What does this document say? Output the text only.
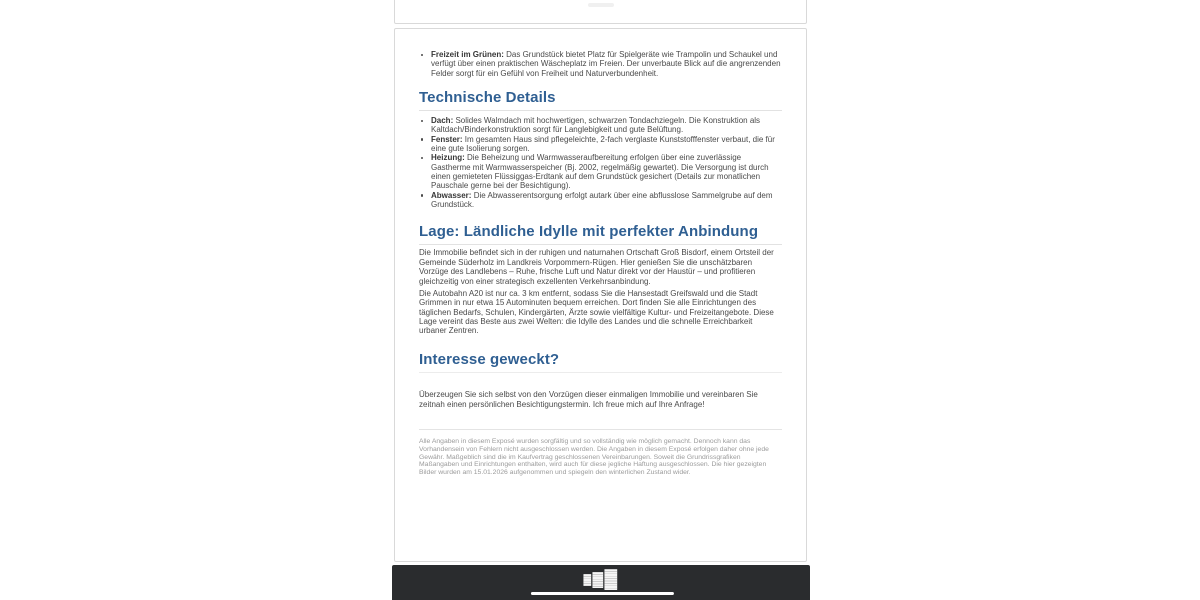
Freizeit im Grünen: Das Grundstück bietet Platz für Spielgeräte wie Trampolin und Schaukel und verfügt über einen praktischen Wäscheplatz im Freien. Der unverbaute Blick auf die angrenzenden Felder sorgt für ein Gefühl von Freiheit und Naturverbundenheit.
Technische Details
Dach: Solides Walmdach mit hochwertigen, schwarzen Tondachziegeln. Die Konstruktion als Kaltdach/Binderkonstruktion sorgt für Langlebigkeit und gute Belüftung.
Fenster: Im gesamten Haus sind pflegeleichte, 2-fach verglaste Kunststofffenster verbaut, die für eine gute Isolierung sorgen.
Heizung: Die Beheizung und Warmwasseraufbereitung erfolgen über eine zuverlässige Gastherme mit Warmwasserspeicher (Bj. 2002, regelmäßig gewartet). Die Versorgung ist durch einen gemieteten Flüssiggas-Erdtank auf dem Grundstück gesichert (Details zur monatlichen Pauschale gerne bei der Besichtigung).
Abwasser: Die Abwasserentsorgung erfolgt autark über eine abflusslose Sammelgrube auf dem Grundstück.
Lage: Ländliche Idylle mit perfekter Anbindung

Die Immobilie befindet sich in der ruhigen und naturnahen Ortschaft Groß Bisdorf, einem Ortsteil der Gemeinde Süderholz im Landkreis Vorpommern-Rügen. Hier genießen Sie die unschätzbaren Vorzüge des Landlebens – Ruhe, frische Luft und Natur direkt vor der Haustür – und profitieren gleichzeitig von einer strategisch exzellenten Verkehrsanbindung.

Die Autobahn A20 ist nur ca. 3 km entfernt, sodass Sie die Hansestadt Greifswald und die Stadt Grimmen in nur etwa 15 Autominuten bequem erreichen. Dort finden Sie alle Einrichtungen des täglichen Bedarfs, Schulen, Kindergärten, Ärzte sowie vielfältige Kultur- und Freizeitangebote. Diese Lage vereint das Beste aus zwei Welten: die Idylle des Landes und die schnelle Erreichbarkeit urbaner Zentren.

Interesse geweckt?

Überzeugen Sie sich selbst von den Vorzügen dieser einmaligen Immobilie und vereinbaren Sie zeitnah einen persönlichen Besichtigungstermin. Ich freue mich auf Ihre Anfrage!

Alle Angaben in diesem Exposé wurden sorgfältig und so vollständig wie möglich gemacht. Dennoch kann das Vorhandensein von Fehlern nicht ausgeschlossen werden. Die Angaben in diesem Exposé erfolgen daher ohne jede Gewähr. Maßgeblich sind die im Kaufvertrag geschlossenen Vereinbarungen. Soweit die Grundrissgrafiken Maßangaben und Einrichtungen enthalten, wird auch für diese jegliche Haftung ausgeschlossen. Die hier gezeigten Bilder wurden am 15.01.2026 aufgenommen und spiegeln den winterlichen Zustand wider.
